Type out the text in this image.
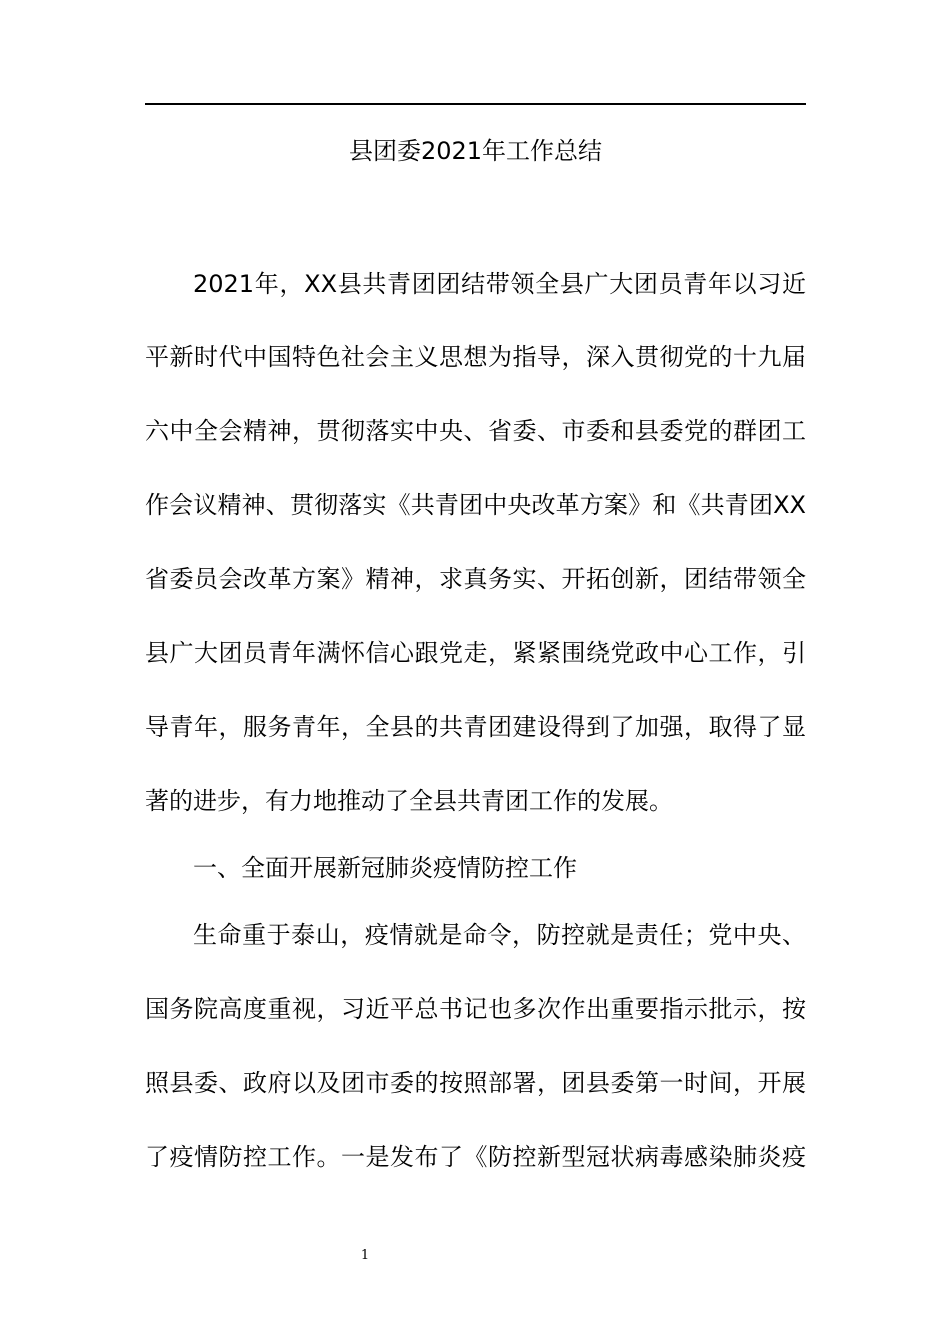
县团委2021年工作总结
2021年，XX县共青团团结带领全县广大团员青年以习近
平新时代中国特色社会主义思想为指导，深入贯彻党的十九届
六中全会精神，贯彻落实中央、省委、市委和县委党的群团工
作会议精神、贯彻落实《共青团中央改革方案》和《共青团XX
省委员会改革方案》精神，求真务实、开拓创新，团结带领全
县广大团员青年满怀信心跟党走，紧紧围绕党政中心工作，引
导青年，服务青年，全县的共青团建设得到了加强，取得了显
著的进步，有力地推动了全县共青团工作的发展。
一、全面开展新冠肺炎疫情防控工作
生命重于泰山，疫情就是命令，防控就是责任；党中央、
国务院高度重视，习近平总书记也多次作出重要指示批示，按
照县委、政府以及团市委的按照部署，团县委第一时间，开展
了疫情防控工作。一是发布了《防控新型冠状病毒感染肺炎疫
1
